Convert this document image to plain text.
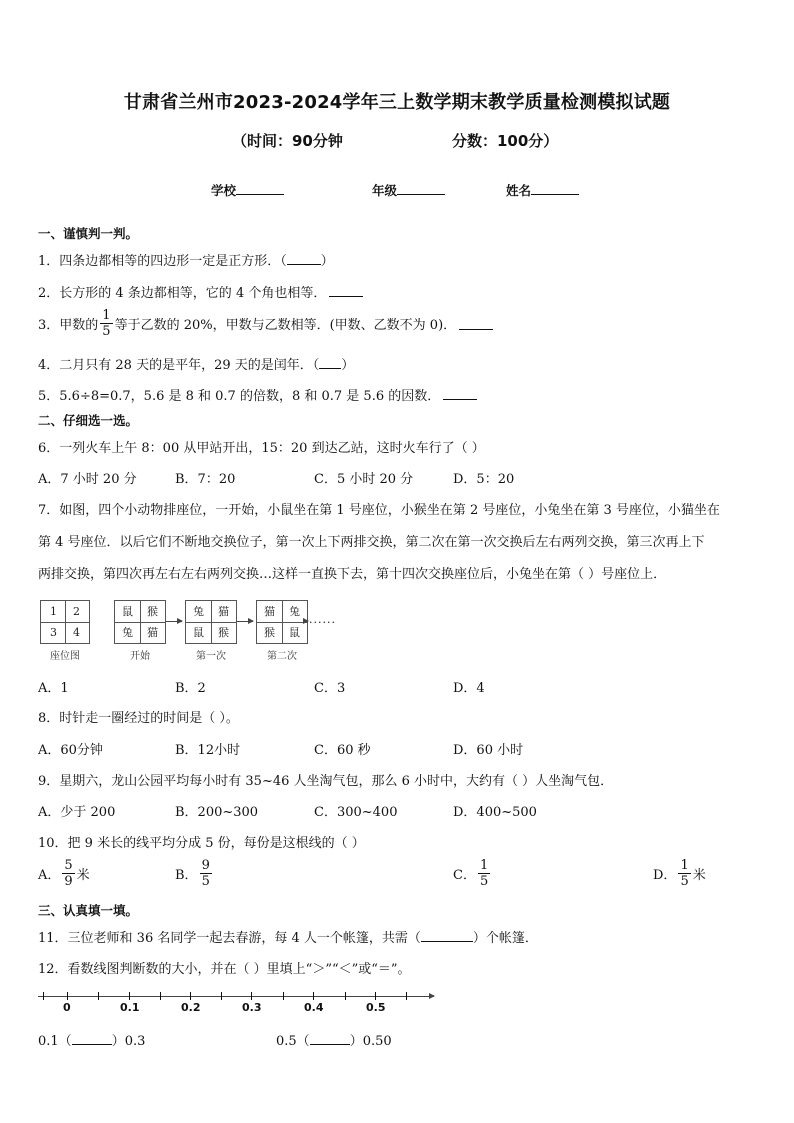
甘肃省兰州市2023-2024学年三上数学期末教学质量检测模拟试题
（时间：90分钟	分数：100分）
学校	年级	姓名
一、谨慎判一判。
1．四条边都相等的四边形一定是正方形．（	）
2．长方形的 4 条边都相等，它的 4 个角也相等．
3．甲数的 $\frac{1}{5}$ 等于乙数的 20%，甲数与乙数相等．(甲数、乙数不为 0)．
4．二月只有 28 天的是平年，29 天的是闰年．（ ）
5．5.6÷8=0.7，5.6 是 8 和 0.7 的倍数，8 和 0.7 是 5.6 的因数．
二、仔细选一选。
6．一列火车上午 8：00 从甲站开出，15：20 到达乙站，这时火车行了（ ）
A．7 小时 20 分	B．7：20	C．5 小时 20 分	D．5：20
7．如图，四个小动物排座位，一开始，小鼠坐在第 1 号座位，小猴坐在第 2 号座位，小兔坐在第 3 号座位，小猫坐在
第 4 号座位．以后它们不断地交换位子，第一次上下两排交换，第二次在第一次交换后左右两列交换，第三次再上下
两排交换，第四次再左右左右两列交换…这样一直换下去，第十四次交换座位后，小兔坐在第（ ）号座位上．
1	2
3	4
座位图
鼠	猴
兔	猫
开始
兔	猫
鼠	猴
第一次
猫	兔
猴	鼠
第二次
......
A．1	B．2	C．3	D．4
8．时针走一圈经过的时间是（ ）。
A．60分钟	B．12小时	C．60 秒	D．60 小时
9．星期六，龙山公园平均每小时有 35~46 人坐淘气包，那么 6 小时中，大约有（ ）人坐淘气包．
A．少于 200	B．200~300	C．300~400	D．400~500
10．把 9 米长的线平均分成 5 份，每份是这根线的（ ）
A． $\frac{5}{9}$ 米	B． $\frac{9}{5}$	C． $\frac{1}{5}$	D． $\frac{1}{5}$ 米
三、认真填一填。
11．三位老师和 36 名同学一起去春游，每 4 人一个帐篷，共需（	）个帐篷．
12．看数线图判断数的大小，并在（ ）里填上“＞”“＜”或“＝”。
0	0.1	0.2	0.3	0.4	0.5
0.1（	）0.3	0.5（	）0.50
